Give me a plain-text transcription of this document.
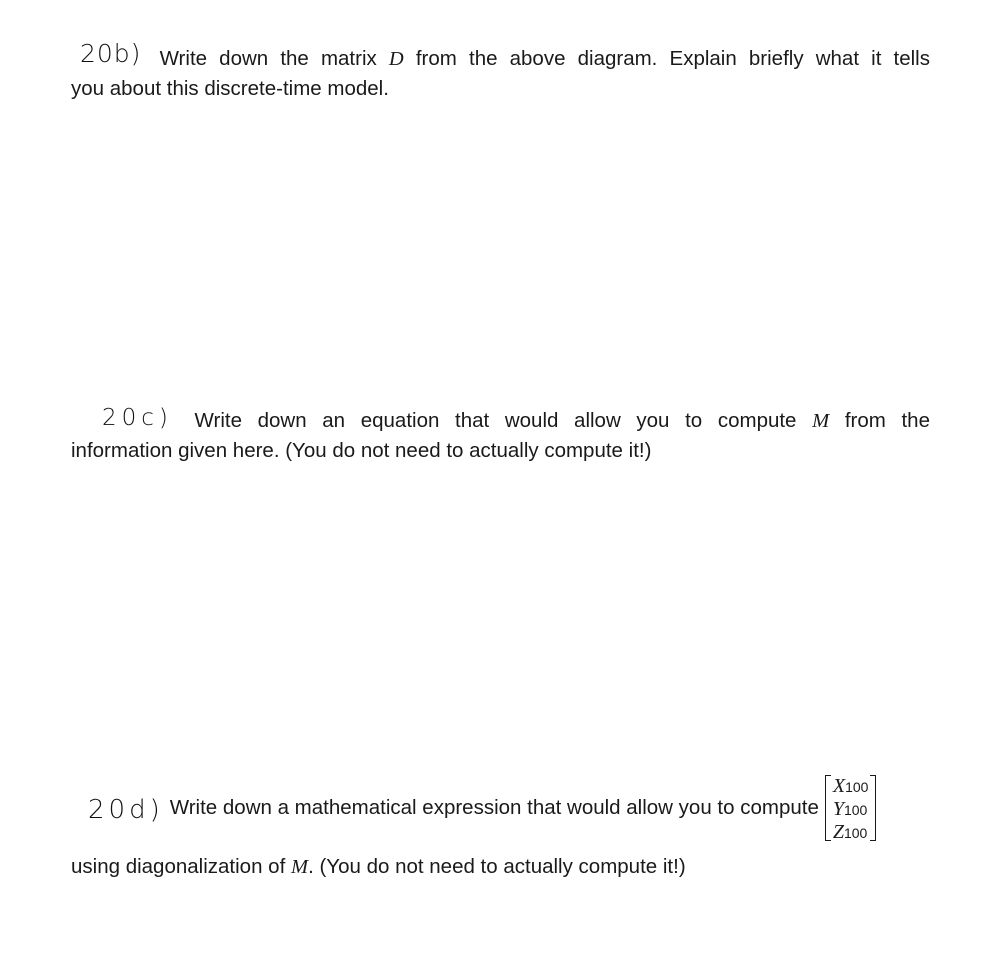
20b) Write down the matrix D from the above diagram. Explain briefly what it tells
you about this discrete-time model.
20c) Write down an equation that would allow you to compute M from the
information given here. (You do not need to actually compute it!)
20d) Write down a mathematical expression that would allow you to compute
X100
Y100
Z100
using diagonalization of M. (You do not need to actually compute it!)
